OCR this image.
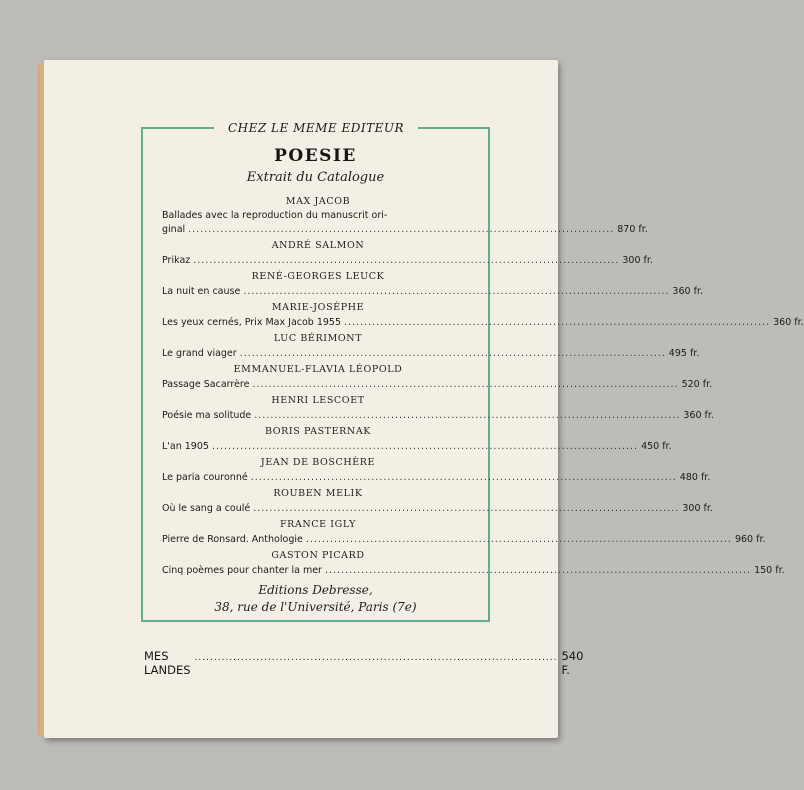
CHEZ LE MEME EDITEUR
POESIE
Extrait du Catalogue
MAX JACOB
Ballades avec la reproduction du manuscrit ori-
ginal .......................................................................................................... 870 fr.
ANDRÉ SALMON
Prikaz .......................................................................................................... 300 fr.
RENÉ-GEORGES LEUCK
La nuit en cause .......................................................................................................... 360 fr.
MARIE-JOSÉPHE
Les yeux cernés, Prix Max Jacob 1955 .......................................................................................................... 360 fr.
LUC BÉRIMONT
Le grand viager .......................................................................................................... 495 fr.
EMMANUEL-FLAVIA LÉOPOLD
Passage Sacarrère .......................................................................................................... 520 fr.
HENRI LESCOET
Poésie ma solitude .......................................................................................................... 360 fr.
BORIS PASTERNAK
L'an 1905 .......................................................................................................... 450 fr.
JEAN DE BOSCHÈRE
Le paria couronné .......................................................................................................... 480 fr.
ROUBEN MELIK
Où le sang a coulé .......................................................................................................... 300 fr.
FRANCE IGLY
Pierre de Ronsard. Anthologie .......................................................................................................... 960 fr.
GASTON PICARD
Cinq poèmes pour chanter la mer .......................................................................................................... 150 fr.
Editions Debresse,
38, rue de l'Université, Paris (7e)
MES LANDES
.............................................................................................. 540 F.
